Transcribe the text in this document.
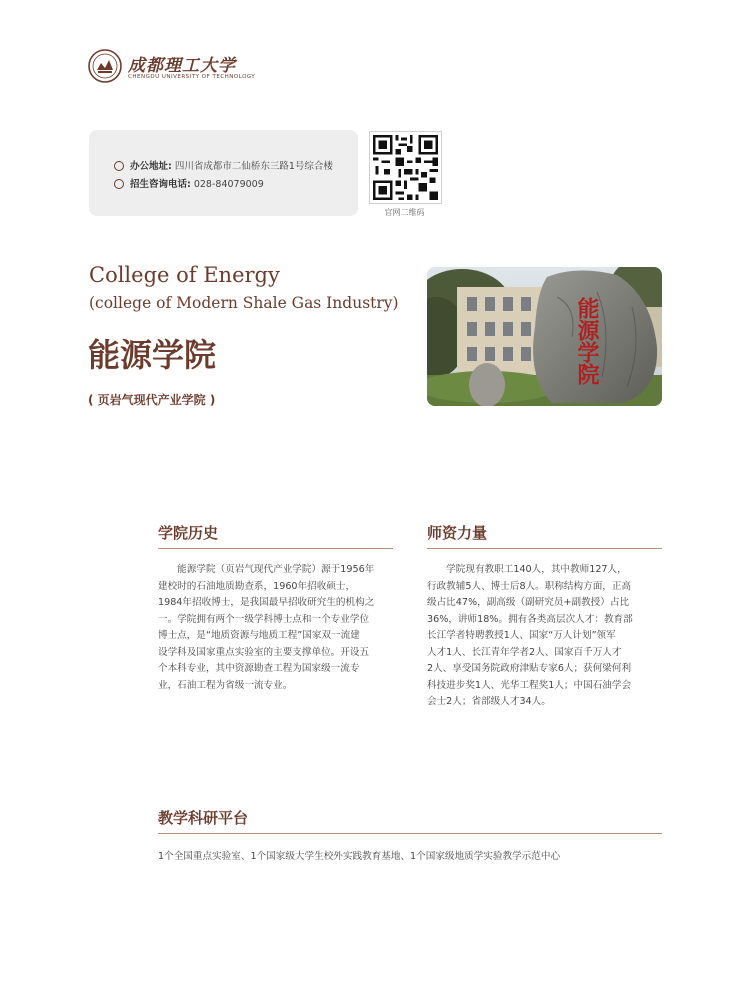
成都理工大学
CHENGDU UNIVERSITY OF TECHNOLOGY
办公地址: 四川省成都市二仙桥东三路1号综合楼
招生咨询电话: 028-84079009
官网二维码
College of Energy
(college of Modern Shale Gas Industry)
能源学院
( 页岩气现代产业学院 )
能源学院
学院历史
　　能源学院（页岩气现代产业学院）源于1956年
建校时的石油地质勘查系，1960年招收硕士，
1984年招收博士，是我国最早招收研究生的机构之
一。学院拥有两个一级学科博士点和一个专业学位
博士点，是“地质资源与地质工程”国家双一流建
设学科及国家重点实验室的主要支撑单位。开设五
个本科专业，其中资源勘查工程为国家级一流专
业，石油工程为省级一流专业。
师资力量
　　学院现有教职工140人，其中教师127人，
行政教辅5人、博士后8人。职称结构方面，正高
级占比47%，副高级（副研究员+副教授）占比
36%，讲师18%。拥有各类高层次人才：教育部
长江学者特聘教授1人、国家“万人计划”领军
人才1人、长江青年学者2人、国家百千万人才
2人、享受国务院政府津贴专家6人；获何梁何利
科技进步奖1人、光华工程奖1人；中国石油学会
会士2人；省部级人才34人。
教学科研平台
1个全国重点实验室、1个国家级大学生校外实践教育基地、1个国家级地质学实验教学示范中心
